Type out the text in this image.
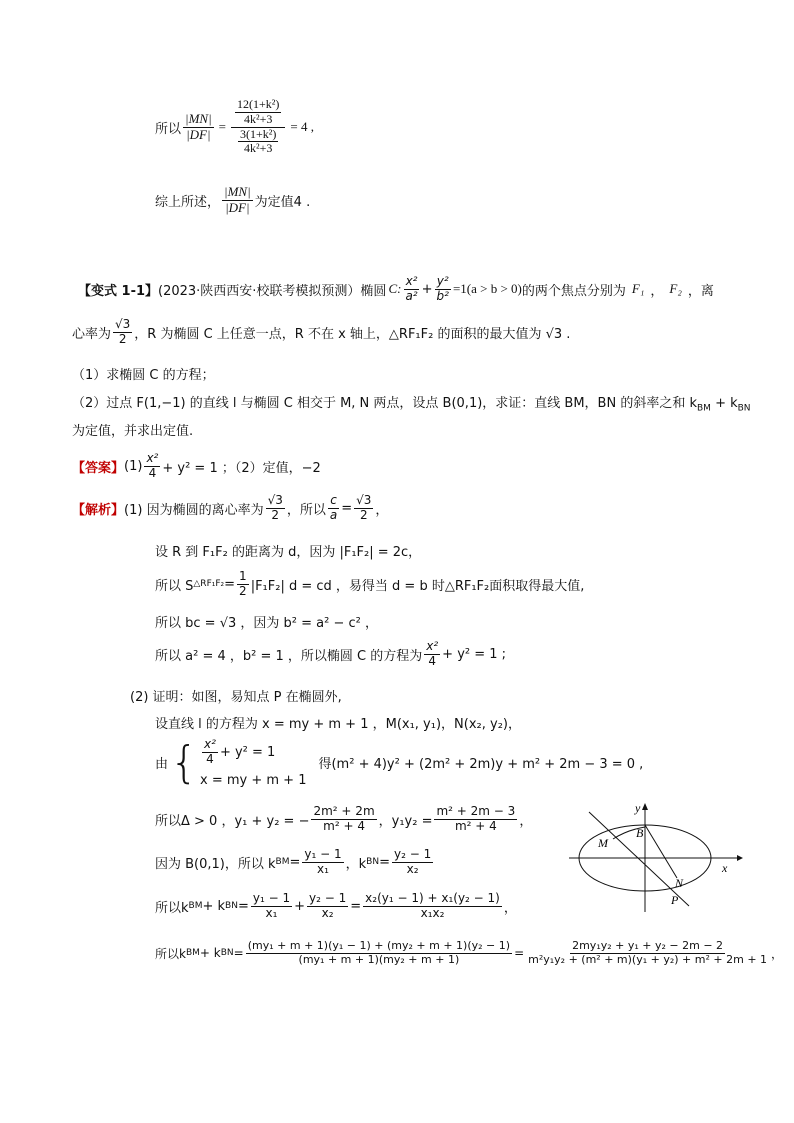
所以 $\frac{|MN|}{|DF|} = \frac{\frac{\text{12(1+k²)}}{\text{4k²+3}}}{\frac{\text{3(1+k²)}}{\text{4k²+3}}} = 4$ ,
综上所述， $\frac{|MN|}{|DF|}$ 为定值4 .
【变式 1-1】 (2023·陕西西安·校联考模拟预测）椭圆 C: $\frac{\text{x²}}{\text{a²}} + \frac{\text{y²}}{\text{b²}} =1(a > b > 0)$ 的两个焦点分别为 F₁ ， F₂ ，离
心率为 $\frac{√3}{2}$ ，R 为椭圆 C 上任意一点，R 不在 x 轴上，△RF₁F₂ 的面积的最大值为 √3 .
（1）求椭圆 C 的方程；
（2）过点 F(1,−1) 的直线 l 与椭圆 C 相交于 M, N 两点，设点 B(0,1)，求证：直线 BM，BN 的斜率之和 $k_{BM} + k_{BN}$
为定值，并求出定值.
【答案】 $(1) \frac{\text{x²}}{4} + y^2 = 1$ ；（2）定值，−2
【解析】 (1) 因为椭圆的离心率为 $\frac{√3}{2}$ ，所以 $\frac{c}{a} = \frac{√3}{2}$ ，
设 R 到 F₁F₂ 的距离为 d，因为 |F₁F₂| = 2c，
所以 S △RF₁F₂ = $\frac{1}{2} |F_1F_2|$ d = cd ，易得当 d = b 时△RF₁F₂面积取得最大值,
所以 bc = √3 ，因为 b² = a² − c² ，
所以 a² = 4 ，b² = 1 ，所以椭圆 C 的方程为 $\frac{\text{x²}}{4} + y^2 = 1$ ;
(2) 证明：如图，易知点 P 在椭圆外,
设直线 l 的方程为 x = my + m + 1 ，M(x₁, y₁)，N(x₂, y₂)，
由 { $\frac{\text{x²}}{4} + y^2 = 1$
x = my + m + 1
得(m² + 4)y² + (2m² + 2m)y + m² + 2m − 3 = 0 ,
所以Δ > 0 ，y₁ + y₂ = − $\frac{\text{2m² + 2m}}{\text{m² + 4}}$ ，$y_1y_2 = \frac{\text{m² + 2m − 3}}{\text{m² + 4}}$ ，
因为 B(0,1)，所以 k BM = $\frac{\text{y₁ − 1}}{\text{x₁}}$ ，k BN = $\frac{\text{y₂ − 1}}{\text{x₂}}$
所以k BM + k BN = $\frac{\text{y₁ − 1}}{\text{x₁}} + \frac{\text{y₂ − 1}}{\text{x₂}} = \frac{\text{x₂(y₁ − 1) + x₁(y₂ − 1)}}{\text{x₁x₂}}$ ，
所以k BM + k BN = $\frac{\text{(my₁ + m + 1)(y₁ − 1) + (my₂ + m + 1)(y₂ − 1)}}{\text{(my₁ + m + 1)(my₂ + m + 1)}} = \frac{\text{2my₁y₂ + y₁ + y₂ − 2m − 2}}{\text{m²y₁y₂ + (m² + m)(y₁ + y₂) + m² + 2m + 1}}$ ，
y
x
B
M
N
P
